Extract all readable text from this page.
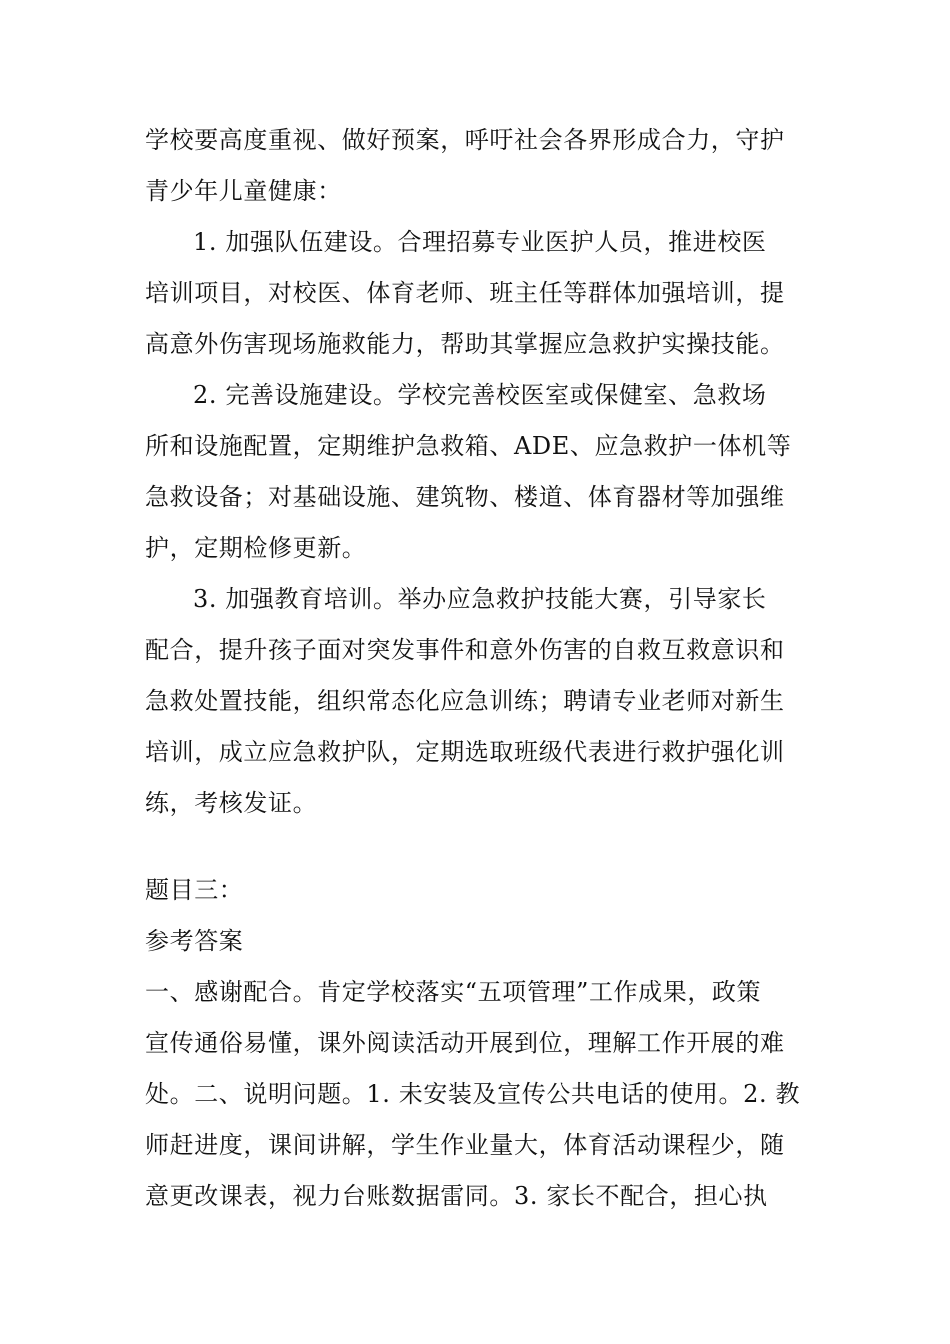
学校要高度重视、做好预案，呼吁社会各界形成合力，守护
青少年儿童健康：
1. 加强队伍建设。合理招募专业医护人员，推进校医
培训项目，对校医、体育老师、班主任等群体加强培训，提
高意外伤害现场施救能力，帮助其掌握应急救护实操技能。
2. 完善设施建设。学校完善校医室或保健室、急救场
所和设施配置，定期维护急救箱、ADE、应急救护一体机等
急救设备；对基础设施、建筑物、楼道、体育器材等加强维
护，定期检修更新。
3. 加强教育培训。举办应急救护技能大赛，引导家长
配合，提升孩子面对突发事件和意外伤害的自救互救意识和
急救处置技能，组织常态化应急训练；聘请专业老师对新生
培训，成立应急救护队，定期选取班级代表进行救护强化训
练，考核发证。
题目三：
参考答案
一、感谢配合。肯定学校落实“五项管理”工作成果，政策
宣传通俗易懂，课外阅读活动开展到位，理解工作开展的难
处。二、说明问题。1. 未安装及宣传公共电话的使用。2. 教
师赶进度，课间讲解，学生作业量大，体育活动课程少，随
意更改课表，视力台账数据雷同。3. 家长不配合，担心执
